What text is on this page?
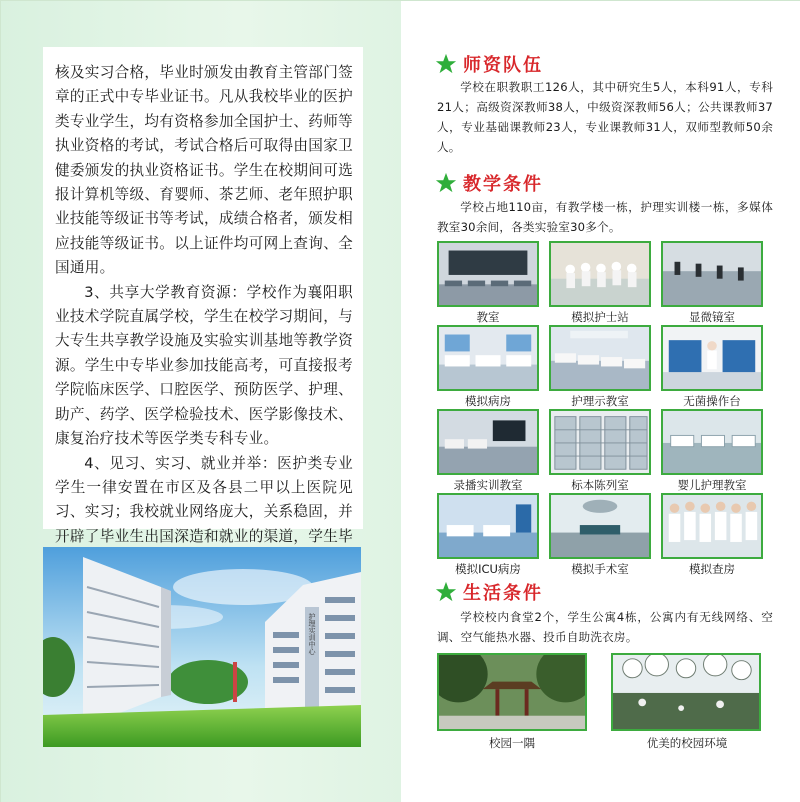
核及实习合格，毕业时颁发由教育主管部门签章的正式中专毕业证书。凡从我校毕业的医护类专业学生，均有资格参加全国护士、药师等执业资格的考试，考试合格后可取得由国家卫健委颁发的执业资格证书。学生在校期间可选报计算机等级、育婴师、茶艺师、老年照护职业技能等级证书等考试，成绩合格者，颁发相应技能等级证书。以上证件均可网上查询、全国通用。

3、共享大学教育资源：学校作为襄阳职业技术学院直属学校，学生在校学习期间，与大专生共享教学设施及实验实训基地等教学资源。学生中专毕业参加技能高考，可直接报考学院临床医学、口腔医学、预防医学、护理、助产、药学、医学检验技术、医学影像技术、康复治疗技术等医学类专科专业。

4、见习、实习、就业并举：医护类专业学生一律安置在市区及各县二甲以上医院见习、实习；我校就业网络庞大，关系稳固，并开辟了毕业生出国深造和就业的渠道，学生毕

护理实训中心
师资队伍
学校在职教职工126人，其中研究生5人，本科91人，专科21人；高级资深教师38人，中级资深教师56人；公共课教师37人，专业基础课教师23人，专业课教师31人，双师型教师50余人。
教学条件
学校占地110亩，有教学楼一栋，护理实训楼一栋，多媒体教室30余间，各类实验室30多个。
教室	模拟护士站	显微镜室
模拟病房	护理示教室	无菌操作台
录播实训教室	标本陈列室	婴儿护理教室
模拟ICU病房	模拟手术室	模拟查房
生活条件
学校校内食堂2个，学生公寓4栋，公寓内有无线网络、空调、空气能热水器、投币自助洗衣房。
校园一隅	优美的校园环境
